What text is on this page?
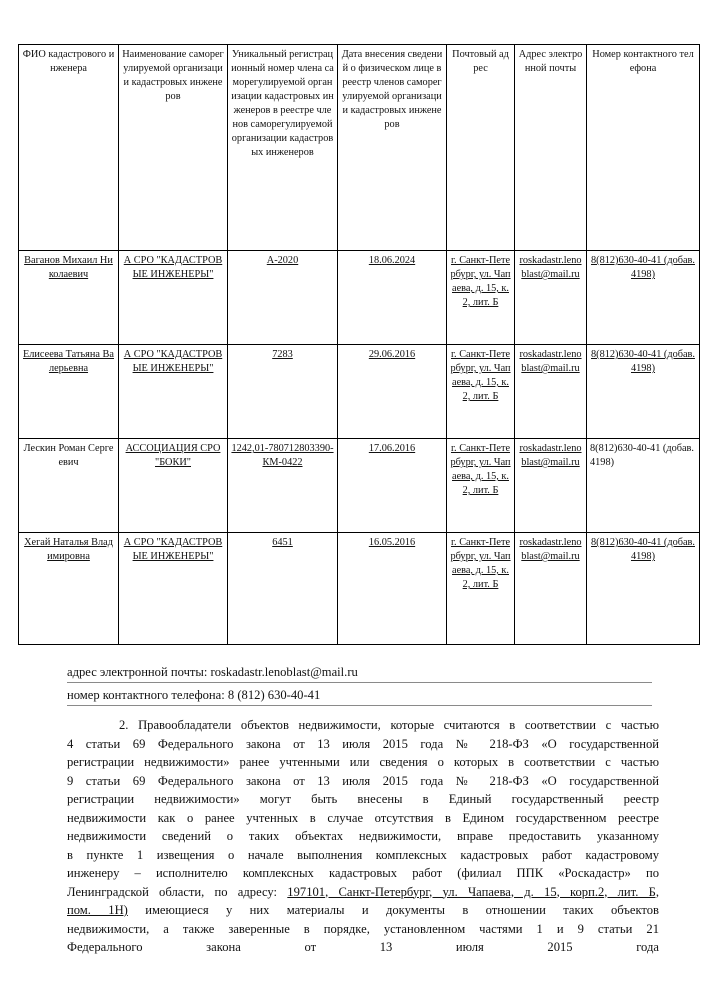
ФИО кадастрового инженера	Наименование саморегулируемой организации кадастровых инженеров	Уникальный регистрационный номер члена саморегулируемой организации кадастровых инженеров в реестре членов саморегулируемой организации кадастровых инженеров	Дата внесения сведений о физическом лице в реестр членов саморегулируемой организации кадастровых инженеров	Почтовый адрес	Адрес электронной почты	Номер контактного телефона
Ваганов Михаил Николаевич	А СРО "КАДАСТРОВЫЕ ИНЖЕНЕРЫ"	А-2020	18.06.2024	г. Санкт-Петербург, ул. Чапаева, д. 15, к. 2, лит. Б	roskadastr.lenoblast@mail.ru	8(812)630-40-41 (добав. 4198)
Елисеева Татьяна Валерьевна	А СРО "КАДАСТРОВЫЕ ИНЖЕНЕРЫ"	7283	29.06.2016	г. Санкт-Петербург, ул. Чапаева, д. 15, к. 2, лит. Б	roskadastr.lenoblast@mail.ru	8(812)630-40-41 (добав. 4198)
Лескин Роман Сергеевич	АССОЦИАЦИЯ СРО "БОКИ"	1242,01-780712803390-КМ-0422	17.06.2016	г. Санкт-Петербург, ул. Чапаева, д. 15, к. 2, лит. Б	roskadastr.lenoblast@mail.ru	8(812)630-40-41 (добав. 4198)
Хегай Наталья Владимировна	А СРО "КАДАСТРОВЫЕ ИНЖЕНЕРЫ"	6451	16.05.2016	г. Санкт-Петербург, ул. Чапаева, д. 15, к. 2, лит. Б	roskadastr.lenoblast@mail.ru	8(812)630-40-41 (добав. 4198)
адрес электронной почты: roskadastr.lenoblast@mail.ru
номер контактного телефона: 8 (812) 630-40-41
2. Правообладатели объектов недвижимости, которые считаются в соответствии с частью
4 статьи 69 Федерального закона от 13 июля 2015 года № 218-ФЗ «О государственной
регистрации недвижимости» ранее учтенными или сведения о которых в соответствии с частью
9 статьи 69 Федерального закона от 13 июля 2015 года № 218-ФЗ «О государственной
регистрации недвижимости» могут быть внесены в Единый государственный реестр
недвижимости как о ранее учтенных в случае отсутствия в Едином государственном реестре
недвижимости сведений о таких объектах недвижимости, вправе предоставить указанному
в пункте 1 извещения о начале выполнения комплексных кадастровых работ кадастровому
инженеру – исполнителю комплексных кадастровых работ (филиал ППК «Роскадастр» по
Ленинградской области, по адресу: 197101, Санкт-Петербург, ул. Чапаева, д. 15, корп.2, лит. Б,
пом. 1Н) имеющиеся у них материалы и документы в отношении таких объектов
недвижимости, а также заверенные в порядке, установленном частями 1 и 9 статьи 21
Федерального закона от 13 июля 2015 года
